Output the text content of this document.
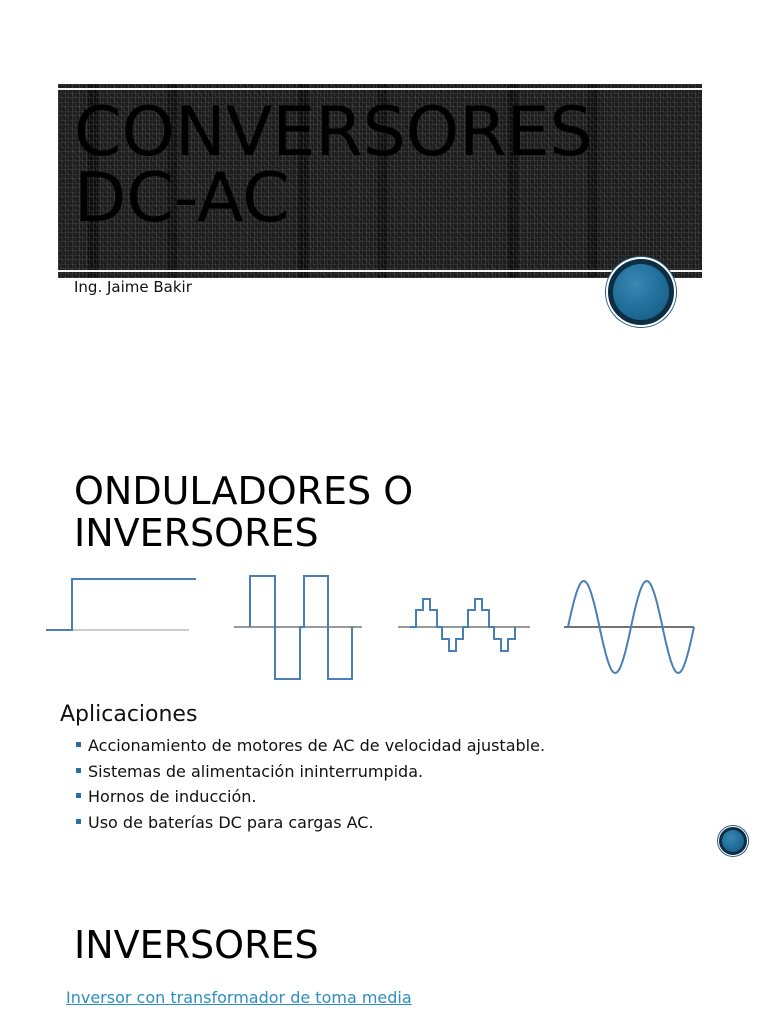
CONVERSORES
DC-AC
Ing. Jaime Bakir
ONDULADORES O
INVERSORES
Aplicaciones
Accionamiento de motores de AC de velocidad ajustable.
Sistemas de alimentación ininterrumpida.
Hornos de inducción.
Uso de baterías DC para cargas AC.
INVERSORES
Inversor con transformador de toma media
